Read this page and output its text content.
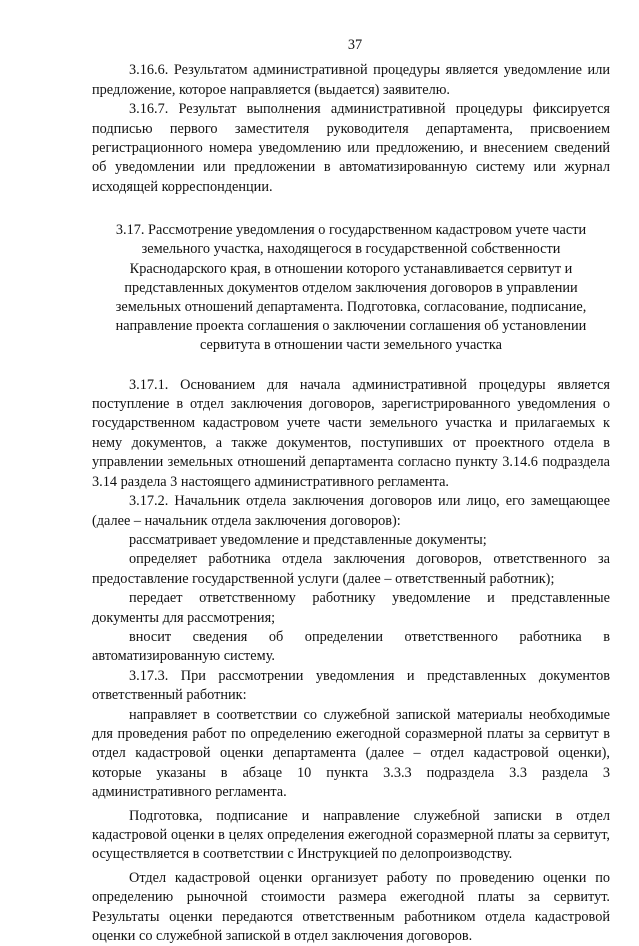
37

3.16.6. Результатом административной процедуры является уведомление или предложение, которое направляется (выдается) заявителю.

3.16.7. Результат выполнения административной процедуры фиксируется подписью первого заместителя руководителя департамента, присвоением регистрационного номера уведомлению или предложению, и внесением сведений об уведомлении или предложении в автоматизированную систему или журнал исходящей корреспонденции.

3.17. Рассмотрение уведомления о государственном кадастровом учете части земельного участка, находящегося в государственной собственности Краснодарского края, в отношении которого устанавливается сервитут и представленных документов отделом заключения договоров в управлении земельных отношений департамента. Подготовка, согласование, подписание, направление проекта соглашения о заключении соглашения об установлении сервитута в отношении части земельного участка

3.17.1. Основанием для начала административной процедуры является поступление в отдел заключения договоров, зарегистрированного уведомления о государственном кадастровом учете части земельного участка и прилагаемых к нему документов, а также документов, поступивших от проектного отдела в управлении земельных отношений департамента согласно пункту 3.14.6 подраздела 3.14 раздела 3 настоящего административного регламента.

3.17.2. Начальник отдела заключения договоров или лицо, его замещающее (далее – начальник отдела заключения договоров):

рассматривает уведомление и представленные документы;

определяет работника отдела заключения договоров, ответственного за предоставление государственной услуги (далее – ответственный работник);

передает ответственному работнику уведомление и представленные документы для рассмотрения;

вносит сведения об определении ответственного работника в автоматизированную систему.

3.17.3. При рассмотрении уведомления и представленных документов ответственный работник:

направляет в соответствии со служебной запиской материалы необходимые для проведения работ по определению ежегодной соразмерной платы за сервитут в отдел кадастровой оценки департамента (далее – отдел кадастровой оценки), которые указаны в абзаце 10 пункта 3.3.3 подраздела 3.3 раздела 3 административного регламента.

Подготовка, подписание и направление служебной записки в отдел кадастровой оценки в целях определения ежегодной соразмерной платы за сервитут, осуществляется в соответствии с Инструкцией по делопроизводству.

Отдел кадастровой оценки организует работу по проведению оценки по определению рыночной стоимости размера ежегодной платы за сервитут. Результаты оценки передаются ответственным работником отдела кадастровой оценки со служебной запиской в отдел заключения договоров.
